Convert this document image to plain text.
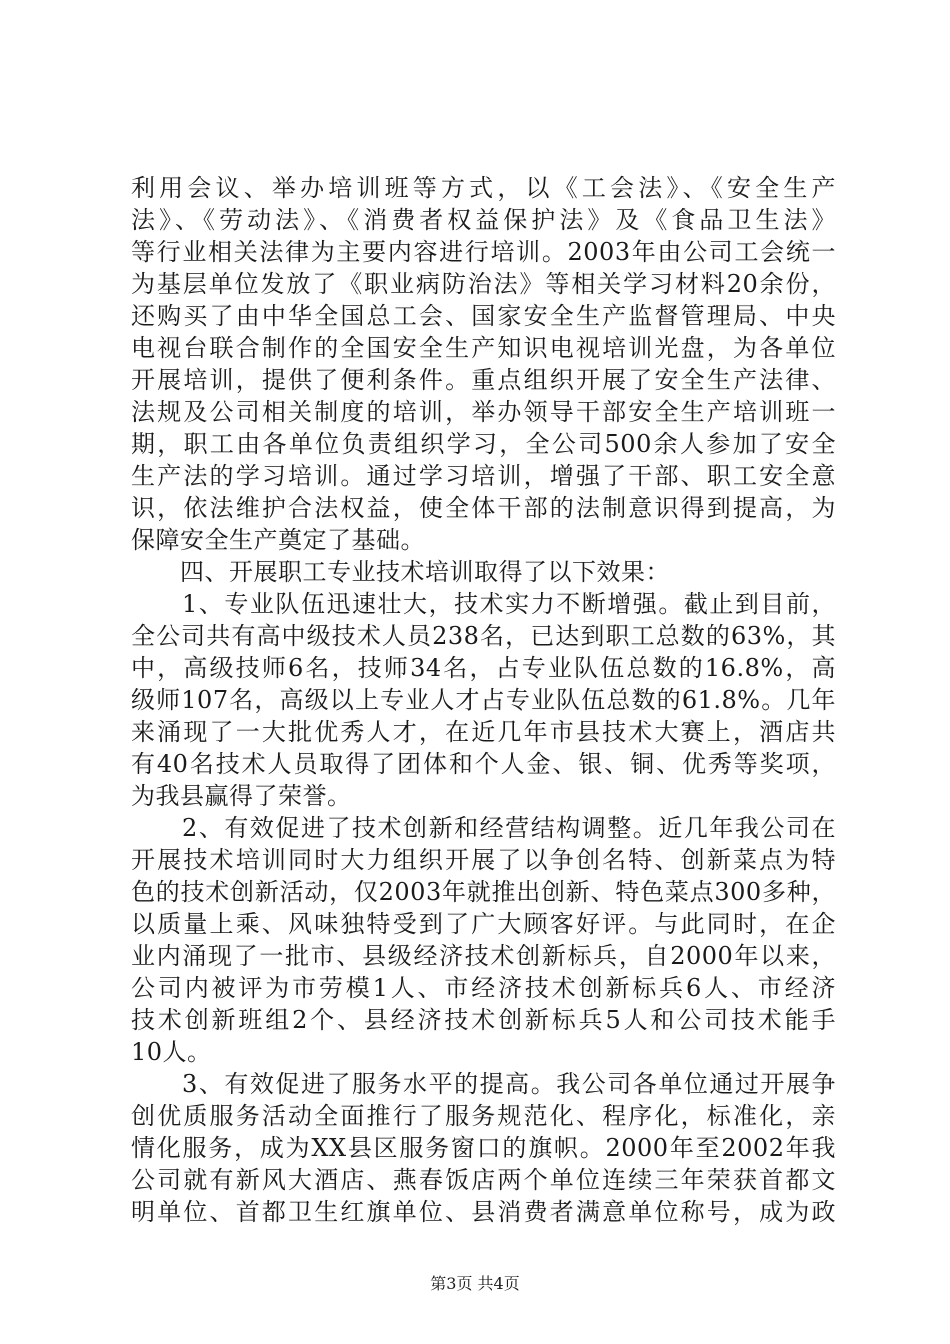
利用会议、举办培训班等方式，以《工会法》、《安全生产
法》、《劳动法》、《消费者权益保护法》及《食品卫生法》
等行业相关法律为主要内容进行培训。2003年由公司工会统一
为基层单位发放了《职业病防治法》等相关学习材料20余份，
还购买了由中华全国总工会、国家安全生产监督管理局、中央
电视台联合制作的全国安全生产知识电视培训光盘，为各单位
开展培训，提供了便利条件。重点组织开展了安全生产法律、
法规及公司相关制度的培训，举办领导干部安全生产培训班一
期，职工由各单位负责组织学习，全公司500余人参加了安全
生产法的学习培训。通过学习培训，增强了干部、职工安全意
识，依法维护合法权益，使全体干部的法制意识得到提高，为
保障安全生产奠定了基础。
　　四、开展职工专业技术培训取得了以下效果：
　　1、专业队伍迅速壮大，技术实力不断增强。截止到目前，
全公司共有高中级技术人员238名，已达到职工总数的63%，其
中，高级技师6名，技师34名，占专业队伍总数的16.8%，高
级师107名，高级以上专业人才占专业队伍总数的61.8%。几年
来涌现了一大批优秀人才，在近几年市县技术大赛上，酒店共
有40名技术人员取得了团体和个人金、银、铜、优秀等奖项，
为我县赢得了荣誉。
　　2、有效促进了技术创新和经营结构调整。近几年我公司在
开展技术培训同时大力组织开展了以争创名特、创新菜点为特
色的技术创新活动，仅2003年就推出创新、特色菜点300多种，
以质量上乘、风味独特受到了广大顾客好评。与此同时，在企
业内涌现了一批市、县级经济技术创新标兵，自2000年以来，
公司内被评为市劳模1人、市经济技术创新标兵6人、市经济
技术创新班组2个、县经济技术创新标兵5人和公司技术能手
10人。
　　3、有效促进了服务水平的提高。我公司各单位通过开展争
创优质服务活动全面推行了服务规范化、程序化，标准化，亲
情化服务，成为XX县区服务窗口的旗帜。2000年至2002年我
公司就有新风大酒店、燕春饭店两个单位连续三年荣获首都文
明单位、首都卫生红旗单位、县消费者满意单位称号，成为政
第3页 共4页
